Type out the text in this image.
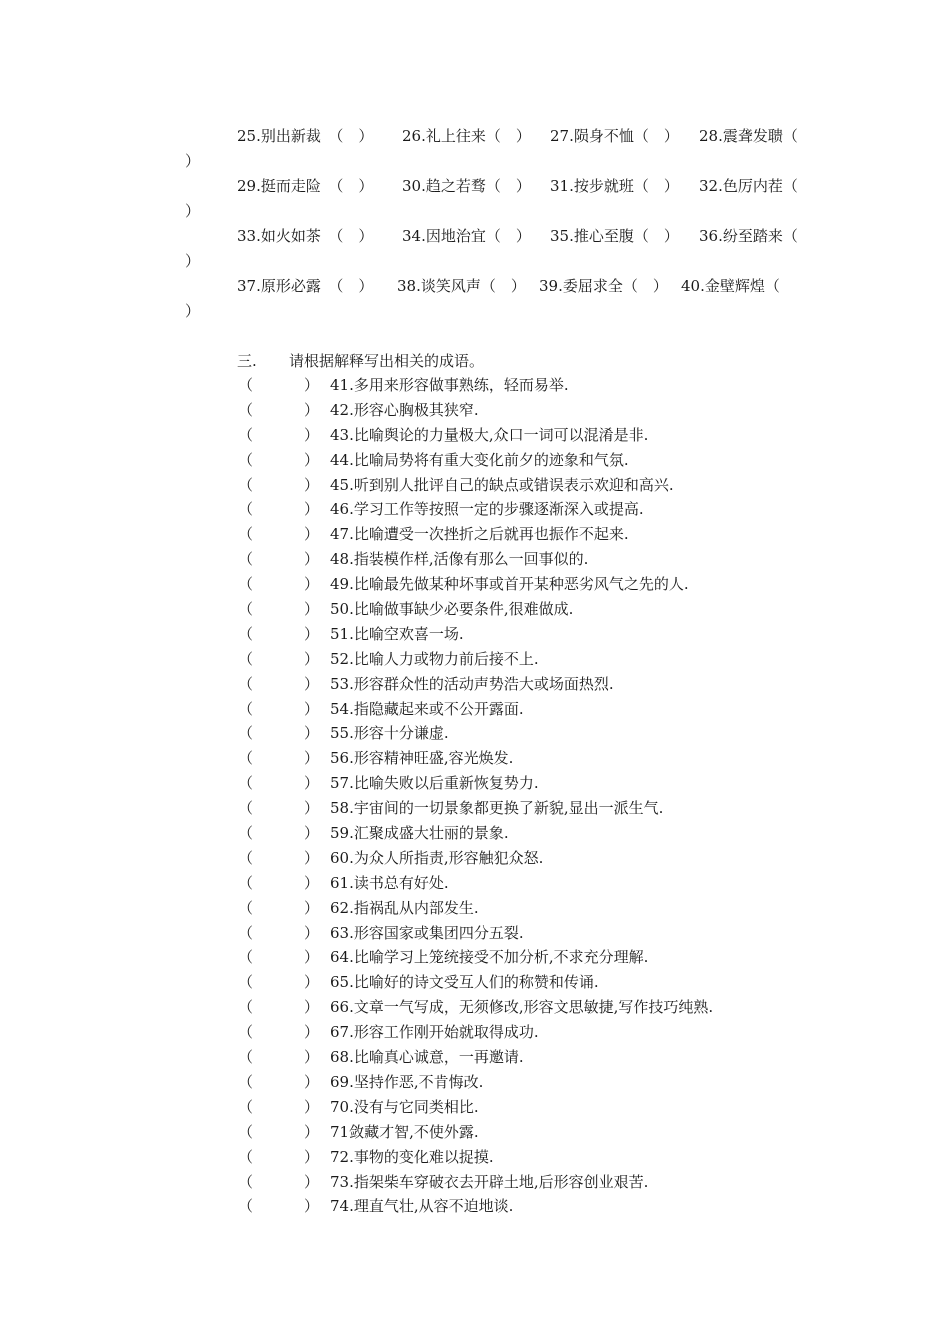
25.别出新裁　（　） 26.礼上往来（　） 27.陨身不恤（　） 28.震聋发聩（
）
29.挺而走险　（　） 30.趋之若骛（　） 31.按步就班（　） 32.色厉内茬（
）
33.如火如茶　（　） 34.因地治宜（　） 35.推心至腹（　） 36.纷至踏来（
）
37.原形必露　（　） 38.谈笑风声（　） 39.委屈求全（　） 40.金壁辉煌（
）
三. 请根据解释写出相关的成语。
（	） 41.多用来形容做事熟练，轻而易举.
（	） 42.形容心胸极其狭窄.
（	） 43.比喻舆论的力量极大,众口一词可以混淆是非.
（	） 44.比喻局势将有重大变化前夕的迹象和气氛.
（	） 45.听到别人批评自己的缺点或错误表示欢迎和高兴.
（	） 46.学习工作等按照一定的步骤逐渐深入或提高.
（	） 47.比喻遭受一次挫折之后就再也振作不起来.
（	） 48.指装模作样,活像有那么一回事似的.
（	） 49.比喻最先做某种坏事或首开某种恶劣风气之先的人.
（	） 50.比喻做事缺少必要条件,很难做成.
（	） 51.比喻空欢喜一场.
（	） 52.比喻人力或物力前后接不上.
（	） 53.形容群众性的活动声势浩大或场面热烈.
（	） 54.指隐藏起来或不公开露面.
（	） 55.形容十分谦虚.
（	） 56.形容精神旺盛,容光焕发.
（	） 57.比喻失败以后重新恢复势力.
（	） 58.宇宙间的一切景象都更换了新貌,显出一派生气.
（	） 59.汇聚成盛大壮丽的景象.
（	） 60.为众人所指责,形容触犯众怒.
（	） 61.读书总有好处.
（	） 62.指祸乱从内部发生.
（	） 63.形容国家或集团四分五裂.
（	） 64.比喻学习上笼统接受不加分析,不求充分理解.
（	） 65.比喻好的诗文受互人们的称赞和传诵.
（	） 66.文章一气写成，无须修改,形容文思敏捷,写作技巧纯熟.
（	） 67.形容工作刚开始就取得成功.
（	） 68.比喻真心诚意，一再邀请.
（	） 69.坚持作恶,不肯悔改.
（	） 70.没有与它同类相比.
（	） 71敛藏才智,不使外露.
（	） 72.事物的变化难以捉摸.
（	） 73.指架柴车穿破衣去开辟土地,后形容创业艰苦.
（	） 74.理直气壮,从容不迫地谈.
